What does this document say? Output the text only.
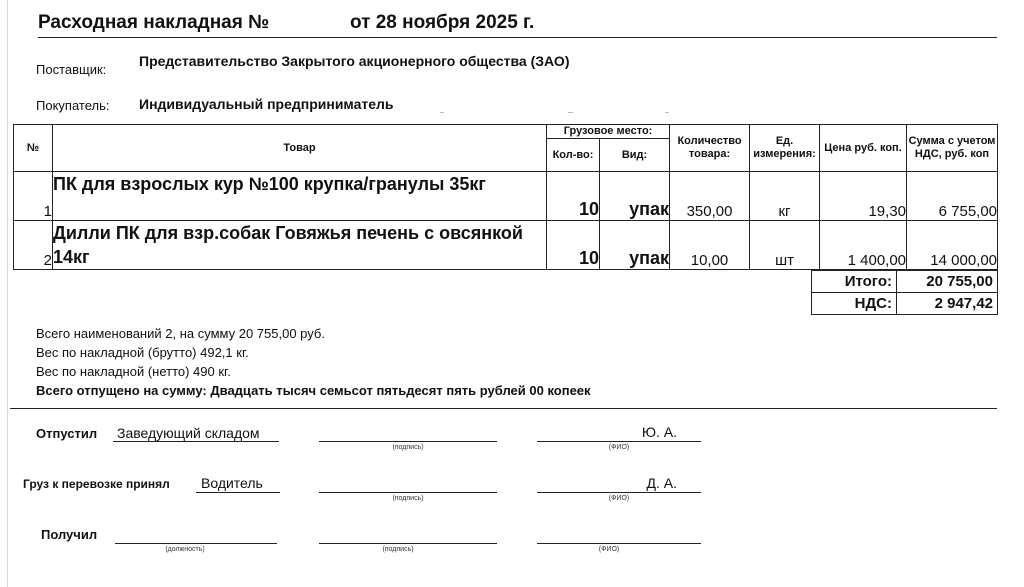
Расходная накладная №	от 28 ноября 2025 г.
Поставщик:
Представительство Закрытого акционерного общества (ЗАО)
Покупатель: Индивидуальный предприниматель
№	Товар	Грузовое место:		Количество товара:	Ед. измерения:	Цена руб. коп.	Сумма с учетом НДС, руб. коп
		Кол-во:	Вид:				
1	ПК для взрослых кур №100 крупка/гранулы 35кг	10	упак	350,00	кг	19,30	6 755,00
2	Дилли ПК для взр.собак Говяжья печень с овсянкой 14кг	10	упак	10,00	шт	1 400,00	14 000,00
Итого:	20 755,00
НДС:	2 947,42
Всего наименований 2, на сумму 20 755,00 руб.
Вес по накладной (брутто) 492,1 кг.
Вес по накладной (нетто) 490 кг.
Всего отпущено на сумму: Двадцать тысяч семьсот пятьдесят пять рублей 00 копеек
Отпустил Заведующий складом
(подпись)
Ю. А.
(ФИО)
Груз к перевозке принял	Водитель
(подпись)
Д. А.
(ФИО)
Получил
(должность)	(подпись)	(ФИО)
